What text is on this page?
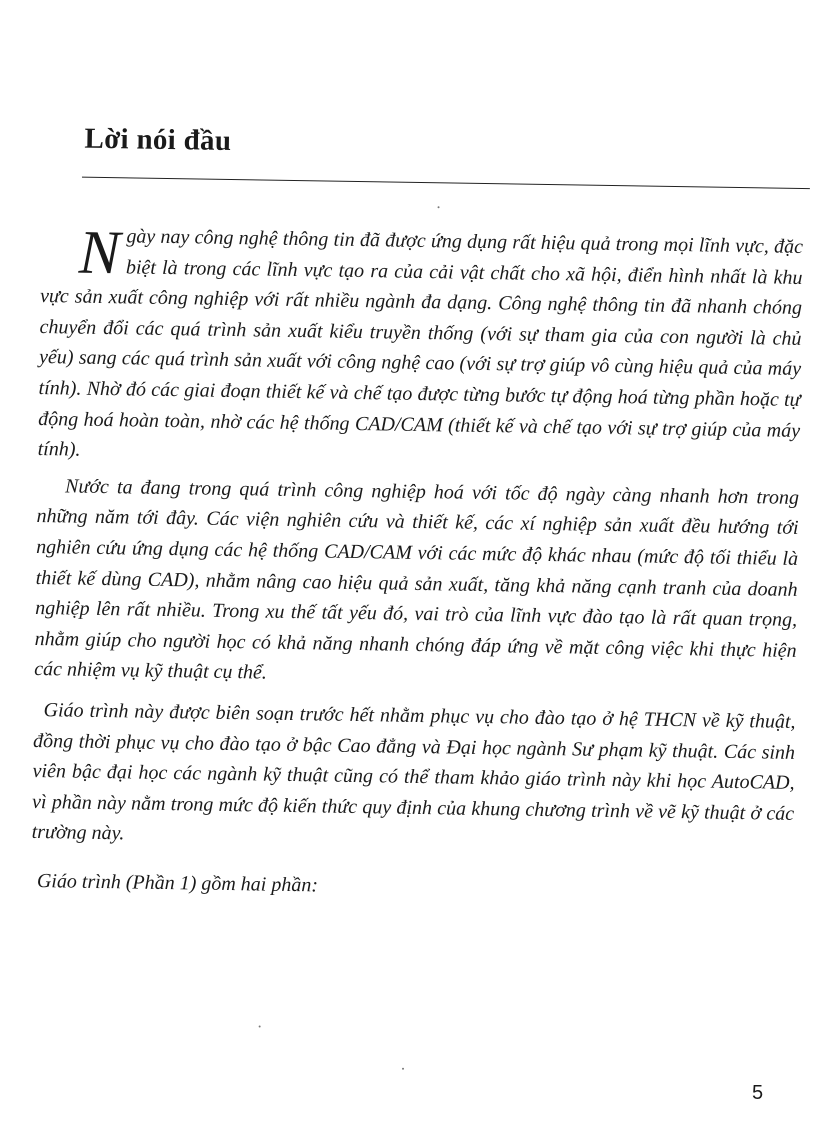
Lời nói đầu

Ngày nay công nghệ thông tin đã được ứng dụng rất hiệu quả trong mọi lĩnh vực, đặc biệt là trong các lĩnh vực tạo ra của cải vật chất cho xã hội, điển hình nhất là khu vực sản xuất công nghiệp với rất nhiều ngành đa dạng. Công nghệ thông tin đã nhanh chóng chuyển đổi các quá trình sản xuất kiểu truyền thống (với sự tham gia của con người là chủ yếu) sang các quá trình sản xuất với công nghệ cao (với sự trợ giúp vô cùng hiệu quả của máy tính). Nhờ đó các giai đoạn thiết kế và chế tạo được từng bước tự động hoá từng phần hoặc tự động hoá hoàn toàn, nhờ các hệ thống CAD/CAM (thiết kế và chế tạo với sự trợ giúp của máy tính).

Nước ta đang trong quá trình công nghiệp hoá với tốc độ ngày càng nhanh hơn trong những năm tới đây. Các viện nghiên cứu và thiết kế, các xí nghiệp sản xuất đều hướng tới nghiên cứu ứng dụng các hệ thống CAD/CAM với các mức độ khác nhau (mức độ tối thiểu là thiết kế dùng CAD), nhằm nâng cao hiệu quả sản xuất, tăng khả năng cạnh tranh của doanh nghiệp lên rất nhiều. Trong xu thế tất yếu đó, vai trò của lĩnh vực đào tạo là rất quan trọng, nhằm giúp cho người học có khả năng nhanh chóng đáp ứng về mặt công việc khi thực hiện các nhiệm vụ kỹ thuật cụ thể.

Giáo trình này được biên soạn trước hết nhằm phục vụ cho đào tạo ở hệ THCN về kỹ thuật, đồng thời phục vụ cho đào tạo ở bậc Cao đẳng và Đại học ngành Sư phạm kỹ thuật. Các sinh viên bậc đại học các ngành kỹ thuật cũng có thể tham khảo giáo trình này khi học AutoCAD, vì phần này nằm trong mức độ kiến thức quy định của khung chương trình về vẽ kỹ thuật ở các trường này.

Giáo trình (Phần 1) gồm hai phần:

5
